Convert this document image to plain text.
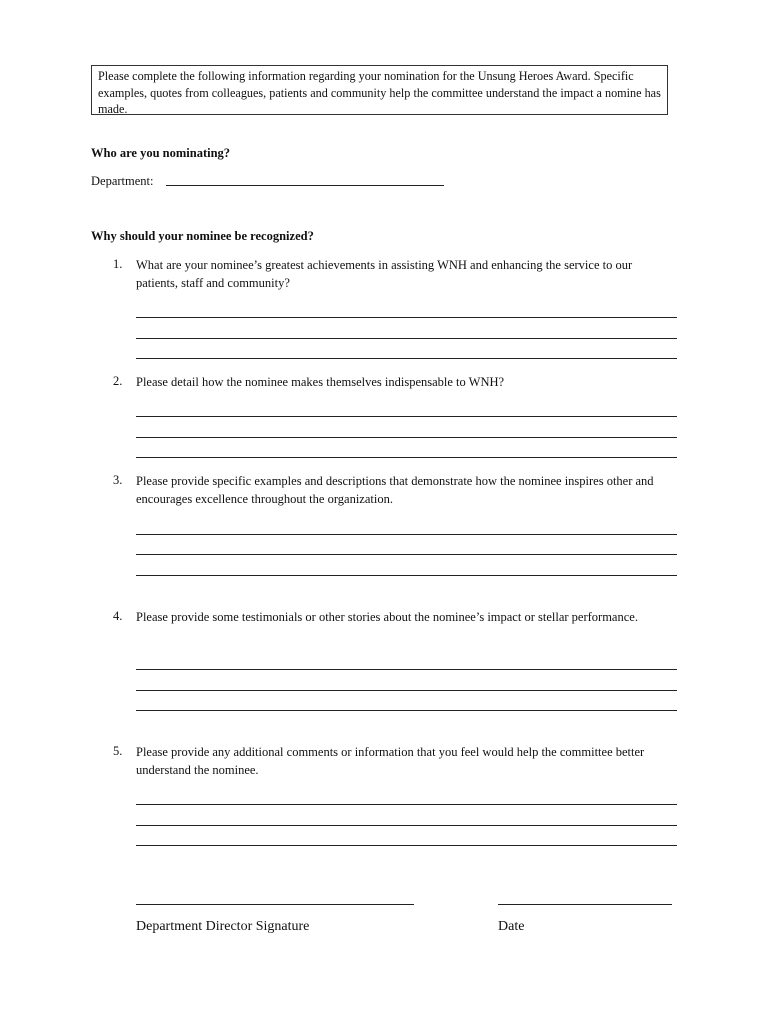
Please complete the following information regarding your nomination for the Unsung Heroes Award. Specific examples, quotes from colleagues, patients and community help the committee understand the impact a nomine has made.
Who are you nominating?
Department:
Why should your nominee be recognized?
1. What are your nominee’s greatest achievements in assisting WNH and enhancing the service to our patients, staff and community?
2. Please detail how the nominee makes themselves indispensable to WNH?
3. Please provide specific examples and descriptions that demonstrate how the nominee inspires other and encourages excellence throughout the organization.
4. Please provide some testimonials or other stories about the nominee’s impact or stellar performance.
5. Please provide any additional comments or information that you feel would help the committee better understand the nominee.
Department Director Signature	Date
